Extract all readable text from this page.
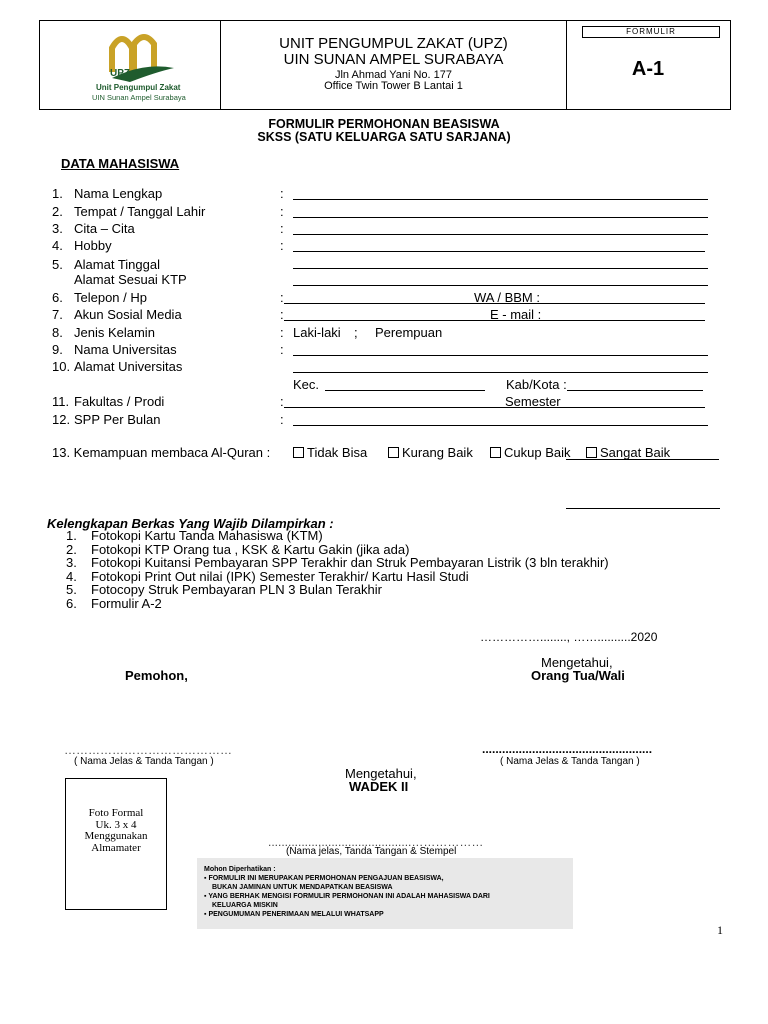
UPZ
Unit Pengumpul Zakat
UIN Sunan Ampel Surabaya
UNIT PENGUMPUL ZAKAT (UPZ)
UIN SUNAN AMPEL SURABAYA
Jln Ahmad Yani No. 177
Office Twin Tower B Lantai 1
FORMULIR
A-1
FORMULIR PERMOHONAN BEASISWA
SKSS (SATU KELUARGA SATU SARJANA)
DATA MAHASISWA
1. Nama Lengkap	:
2. Tempat / Tanggal Lahir	:
3. Cita – Cita	:
4. Hobby	:
5. Alamat Tinggal
Alamat Sesuai KTP
6. Telepon / Hp	:	WA / BBM :
7. Akun Sosial Media	:	E - mail :
8. Jenis Kelamin	: Laki-laki ; Perempuan
9. Nama Universitas	:
10. Alamat Universitas
Kec.	Kab/Kota :
11. Fakultas / Prodi	:	Semester
12. SPP Per Bulan	:
13. Kemampuan membaca Al-Quran :	Tidak Bisa	Kurang Baik	Cukup Baik	Sangat Baik
Kelengkapan Berkas Yang Wajib Dilampirkan :
1. Fotokopi Kartu Tanda Mahasiswa (KTM)
2. Fotokopi KTP Orang tua , KSK & Kartu Gakin (jika ada)
3. Fotokopi Kuitansi Pembayaran SPP Terakhir dan Struk Pembayaran Listrik (3 bln terakhir)
4. Fotokopi Print Out nilai (IPK) Semester Terakhir/ Kartu Hasil Studi
5. Fotocopy Struk Pembayaran PLN 3 Bulan Terakhir
6. Formulir A-2
……………........, ……..........2020
Mengetahui,
Pemohon,	Orang Tua/Wali
……………………………………	...................................................
( Nama Jelas & Tanda Tangan )	( Nama Jelas & Tanda Tangan )
Mengetahui,
WADEK II
Foto Formal
Uk. 3 x 4
Menggunakan
Almamater	...........................................………………
(Nama jelas, Tanda Tangan & Stempel
Mohon Diperhatikan :
▪ FORMULIR INI MERUPAKAN PERMOHONAN PENGAJUAN BEASISWA,
BUKAN JAMINAN UNTUK MENDAPATKAN BEASISWA
▪ YANG BERHAK MENGISI FORMULIR PERMOHONAN INI ADALAH MAHASISWA DARI
KELUARGA MISKIN
▪ PENGUMUMAN PENERIMAAN MELALUI WHATSAPP
1
